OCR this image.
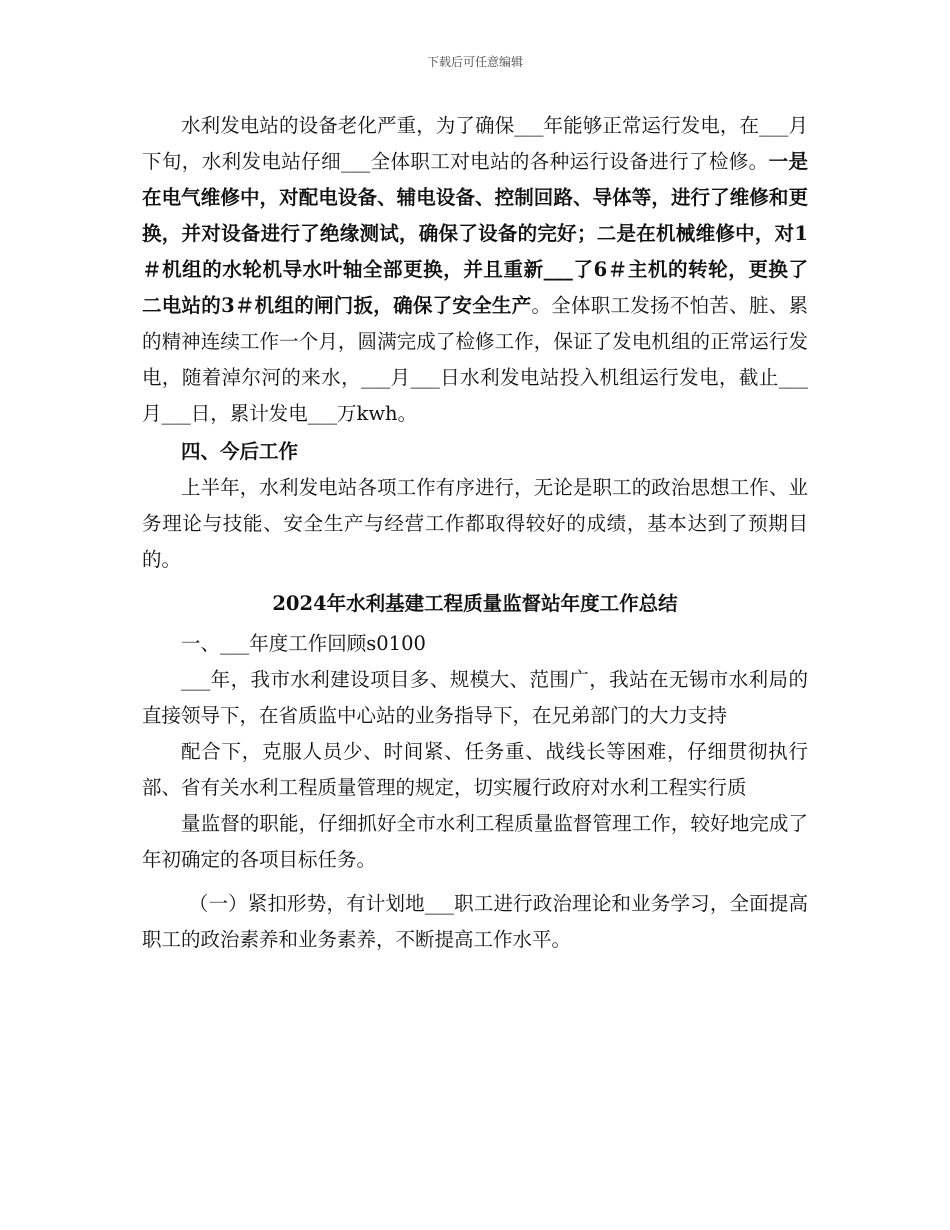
下载后可任意编辑

水利发电站的设备老化严重，为了确保___年能够正常运行发电，在___月下旬，水利发电站仔细___全体职工对电站的各种运行设备进行了检修。一是在电气维修中，对配电设备、辅电设备、控制回路、导体等，进行了维修和更换，并对设备进行了绝缘测试，确保了设备的完好；二是在机械维修中，对1＃机组的水轮机导水叶轴全部更换，并且重新___了6＃主机的转轮，更换了二电站的3＃机组的闸门扳，确保了安全生产。全体职工发扬不怕苦、脏、累的精神连续工作一个月，圆满完成了检修工作，保证了发电机组的正常运行发电，随着淖尔河的来水，___月___日水利发电站投入机组运行发电，截止___月___日，累计发电___万kwh。

四、今后工作

上半年，水利发电站各项工作有序进行，无论是职工的政治思想工作、业务理论与技能、安全生产与经营工作都取得较好的成绩，基本达到了预期目的。

2024年水利基建工程质量监督站年度工作总结

一、___年度工作回顾s0100

___年，我市水利建设项目多、规模大、范围广，我站在无锡市水利局的直接领导下，在省质监中心站的业务指导下，在兄弟部门的大力支持

配合下，克服人员少、时间紧、任务重、战线长等困难，仔细贯彻执行部、省有关水利工程质量管理的规定，切实履行政府对水利工程实行质

量监督的职能，仔细抓好全市水利工程质量监督管理工作，较好地完成了年初确定的各项目标任务。

（一）紧扣形势，有计划地___职工进行政治理论和业务学习，全面提高职工的政治素养和业务素养，不断提高工作水平。
